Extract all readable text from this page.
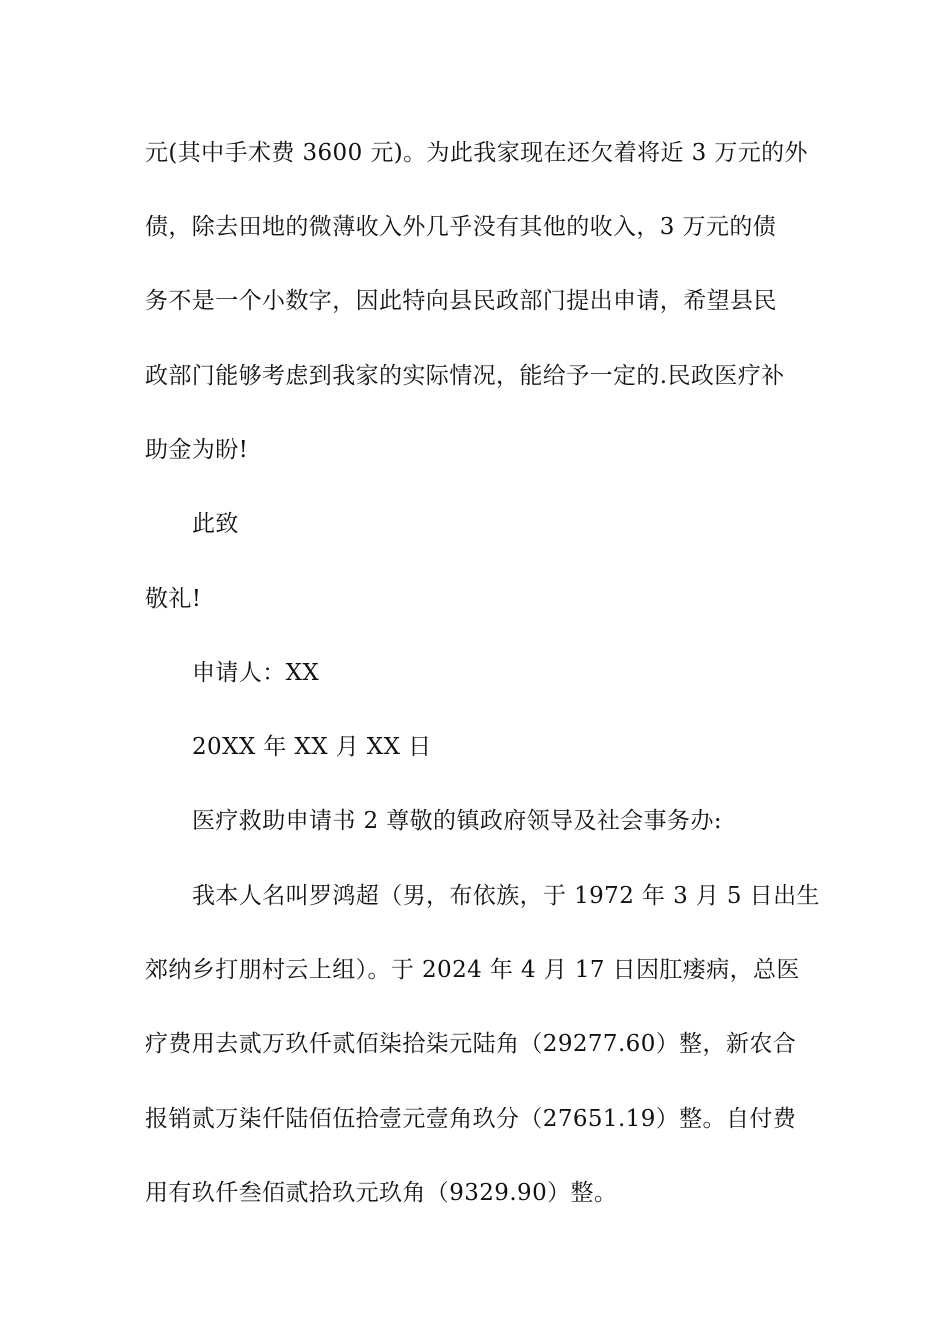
元(其中手术费 3600 元)。为此我家现在还欠着将近 3 万元的外
债，除去田地的微薄收入外几乎没有其他的收入，3 万元的债
务不是一个小数字，因此特向县民政部门提出申请，希望县民
政部门能够考虑到我家的实际情况，能给予一定的.民政医疗补
助金为盼!
此致
敬礼!
申请人：XX
20XX 年 XX 月 XX 日
医疗救助申请书 2 尊敬的镇政府领导及社会事务办:
我本人名叫罗鸿超（男，布依族，于 1972 年 3 月 5 日出生
郊纳乡打朋村云上组）。于 2024 年 4 月 17 日因肛瘘病，总医
疗费用去贰万玖仟贰佰柒拾柒元陆角（29277.60）整，新农合
报销贰万柒仟陆佰伍拾壹元壹角玖分（27651.19）整。自付费
用有玖仟叁佰贰拾玖元玖角（9329.90）整。
